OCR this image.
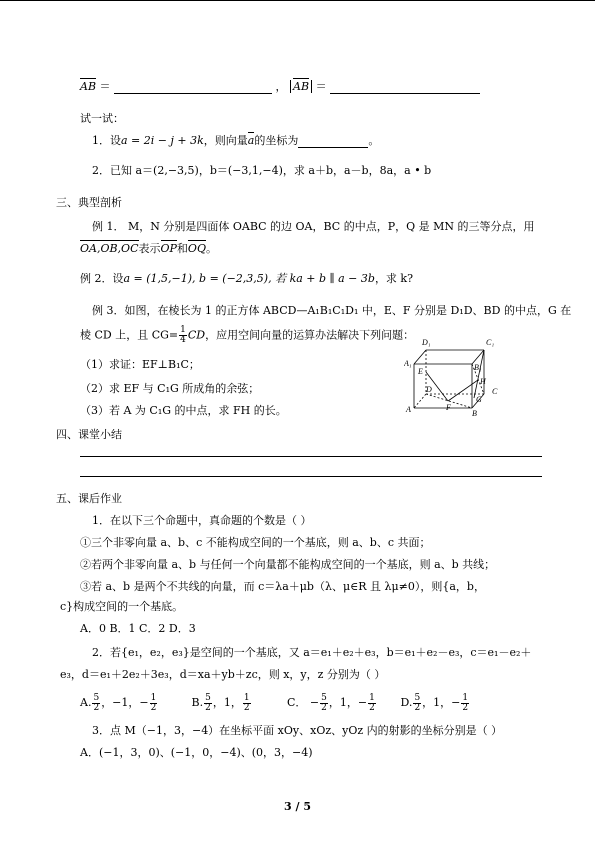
AB ＝	， AB ＝
试一试：
1．设a = 2i − j + 3k，则向量a的坐标为	。
2．已知 a＝(2,−3,5)，b＝(−3,1,−4)，求 a＋b，a－b，8a，a • b
三、典型剖析
例 1． M，N 分别是四面体 OABC 的边 OA，BC 的中点，P，Q 是 MN 的三等分点，用
OA,OB,OC表示OP和OQ。
例 2．设a = (1,5,−1), b = (−2,3,5), 若 ka + b ∥ a − 3b，求 k?
例 3．如图，在棱长为 1 的正方体 ABCD—A₁B₁C₁D₁ 中，E、F 分别是 D₁D、BD 的中点，G 在
棱 CD 上，且 $CG= \frac{1}{4}$ CD，应用空间向量的运算办法解决下列问题：
（1）求证：EF⊥B₁C；
（2）求 EF 与 C₁G 所成角的余弦；
（3）若 A 为 C₁G 的中点，求 FH 的长。
D₁	C₁
A₁	B₁
D
E
H
C
G
A	F
B
四、课堂小结
五、课后作业
1．在以下三个命题中，真命题的个数是（ ）
①三个非零向量 a、b、c 不能构成空间的一个基底，则 a、b、c 共面；
②若两个非零向量 a、b 与任何一个向量都不能构成空间的一个基底，则 a、b 共线；
③若 a、b 是两个不共线的向量，而 c＝λa＋μb（λ、μ∈R 且 λμ≠0），则{a，b，
c}构成空间的一个基底。
A．0 B．1 C．2 D．3
2．若{e₁，e₂，e₃}是空间的一个基底，又 a＝e₁＋e₂＋e₃，b＝e₁＋e₂－e₃，c＝e₁－e₂＋
e₃，d＝e₁＋2e₂＋3e₃，d＝xa＋yb＋zc，则 x，y，z 分别为（ ）
A. $\frac{5}{2}$ ，−1，− $\frac{1}{2}$	B. $\frac{5}{2}$ ，1， $\frac{1}{2}$	C． − $\frac{5}{2}$ ，1，− $\frac{1}{2} D$. $\frac{5}{2}$ ，1，− $\frac{1}{2}$
3．点 M（−1，3，−4）在坐标平面 xOy、xOz、yOz 内的射影的坐标分别是（ ）
A．(−1，3，0)、(−1，0，−4)、(0，3，−4)
3 / 5
